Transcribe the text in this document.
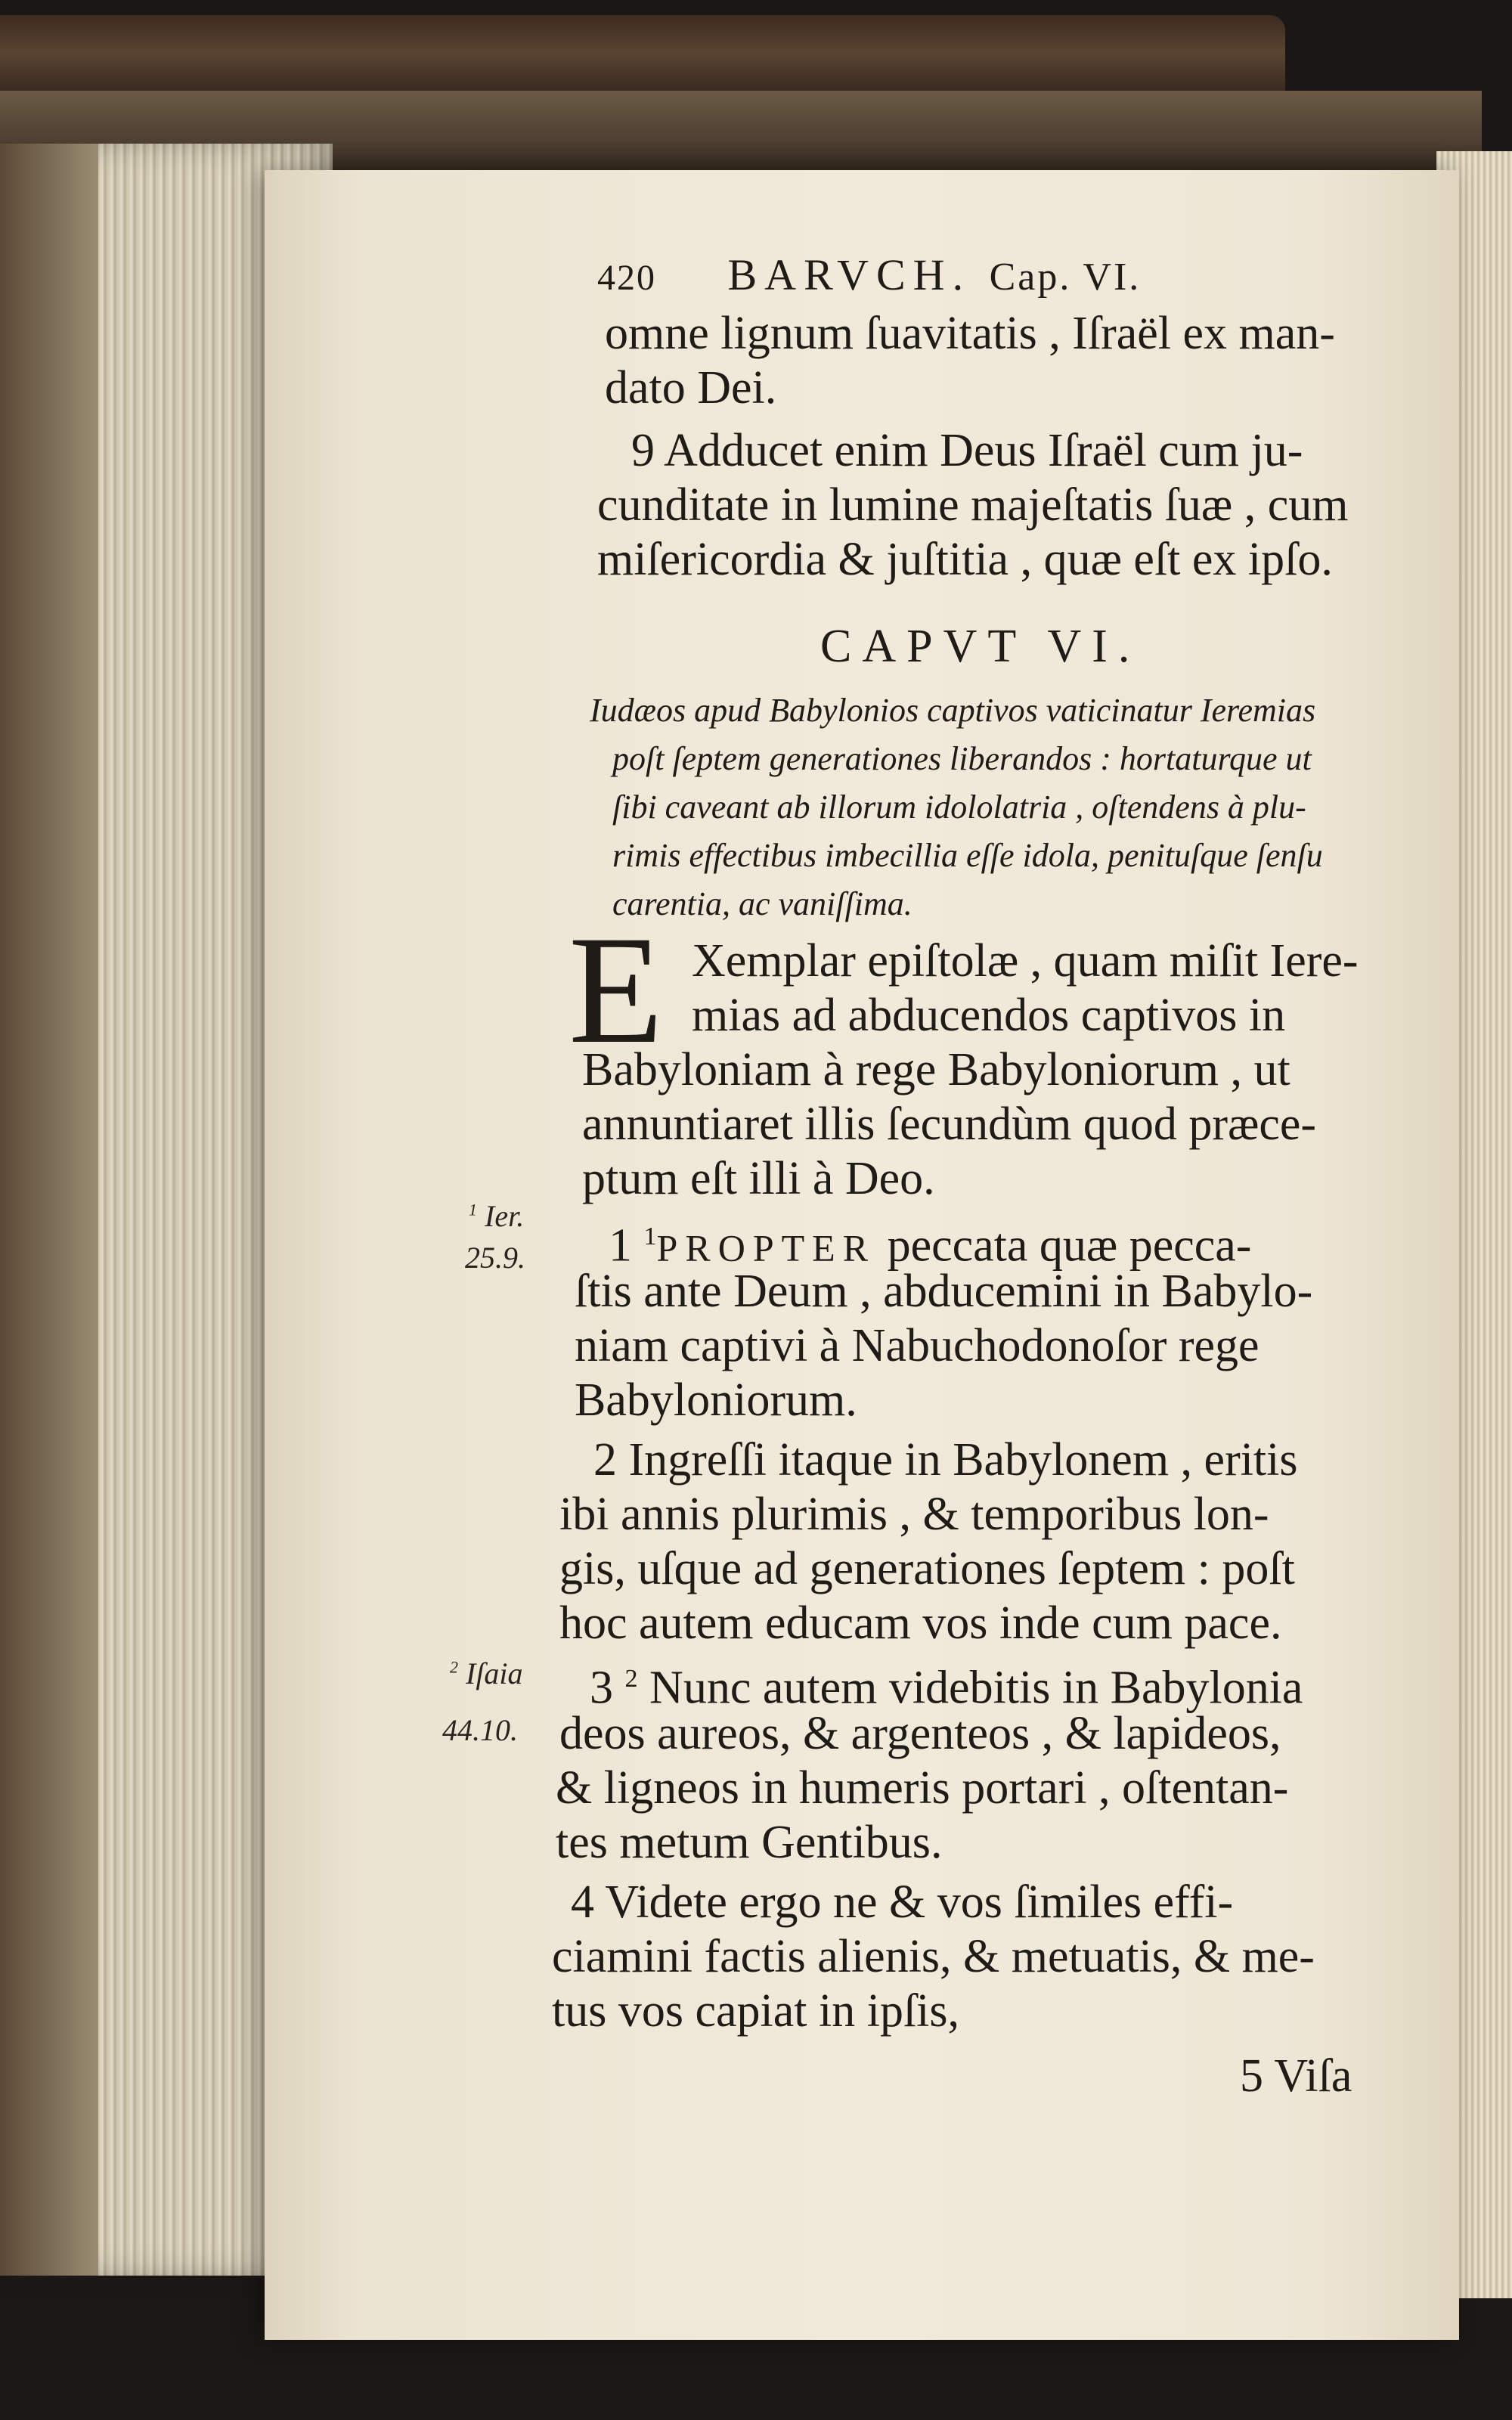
420 BARVCH. Cap. VI.
omne lignum ſuavitatis , Iſraël ex man-
dato Dei.
9 Adducet enim Deus Iſraël cum ju-
cunditate in lumine majeſtatis ſuæ , cum
miſericordia & juſtitia , quæ eſt ex ipſo.
CAPVT VI.
Iudæos apud Babylonios captivos vaticinatur Ieremias
poſt ſeptem generationes liberandos : hortaturque ut
ſibi caveant ab illorum idololatria , oſtendens à plu-
rimis effectibus imbecillia eſſe idola, penituſque ſenſu
carentia, ac vaniſſima.
E Xemplar epiſtolæ , quam miſit Iere-
mias ad abducendos captivos in
Babyloniam à rege Babyloniorum , ut
annuntiaret illis ſecundùm quod præce-
ptum eſt illi à Deo.
1 $^1$PROPTER peccata quæ pecca-
ſtis ante Deum , abducemini in Babylo-
niam captivi à Nabuchodonoſor rege
Babyloniorum.
2 Ingreſſi itaque in Babylonem , eritis
ibi annis plurimis , & temporibus lon-
gis, uſque ad generationes ſeptem : poſt
hoc autem educam vos inde cum pace.
3 $^2$ Nunc autem videbitis in Babylonia
deos aureos, & argenteos , & lapideos,
& ligneos in humeris portari , oſtentan-
tes metum Gentibus.
4 Videte ergo ne & vos ſimiles effi-
ciamini factis alienis, & metuatis, & me-
tus vos capiat in ipſis,
5 Viſa
$^1$ Ier.
25.9.
$^2$ Iſaia
44.10.
